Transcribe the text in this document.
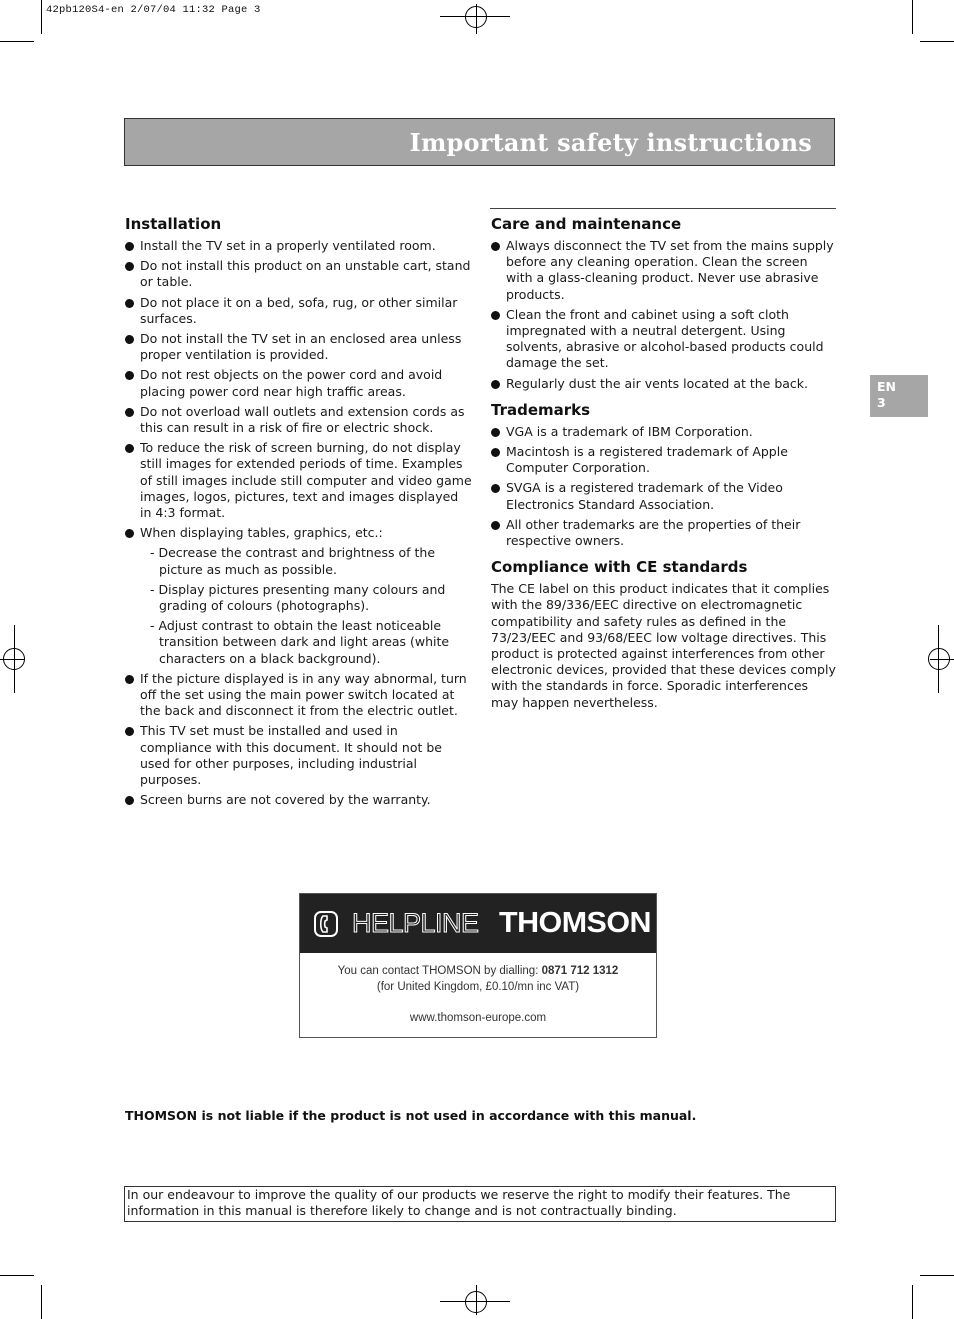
42pb120S4-en 2/07/04 11:32 Page 3
Important safety instructions
EN
3
Installation
Install the TV set in a properly ventilated room.
Do not install this product on an unstable cart, stand or table.
Do not place it on a bed, sofa, rug, or other similar surfaces.
Do not install the TV set in an enclosed area unless proper ventilation is provided.
Do not rest objects on the power cord and avoid placing power cord near high traffic areas.
Do not overload wall outlets and extension cords as this can result in a risk of fire or electric shock.
To reduce the risk of screen burning, do not display still images for extended periods of time. Examples of still images include still computer and video game images, logos, pictures, text and images displayed in 4:3 format.
When displaying tables, graphics, etc.:
- Decrease the contrast and brightness of the picture as much as possible.
- Display pictures presenting many colours and grading of colours (photographs).
- Adjust contrast to obtain the least noticeable transition between dark and light areas (white characters on a black background).
If the picture displayed is in any way abnormal, turn off the set using the main power switch located at the back and disconnect it from the electric outlet.
This TV set must be installed and used in compliance with this document. It should not be used for other purposes, including industrial purposes.
Screen burns are not covered by the warranty.
Care and maintenance
Always disconnect the TV set from the mains supply before any cleaning operation. Clean the screen with a glass-cleaning product. Never use abrasive products.
Clean the front and cabinet using a soft cloth impregnated with a neutral detergent. Using solvents, abrasive or alcohol-based products could damage the set.
Regularly dust the air vents located at the back.
Trademarks
VGA is a trademark of IBM Corporation.
Macintosh is a registered trademark of Apple Computer Corporation.
SVGA is a registered trademark of the Video Electronics Standard Association.
All other trademarks are the properties of their respective owners.
Compliance with CE standards

The CE label on this product indicates that it complies with the 89/336/EEC directive on electromagnetic compatibility and safety rules as defined in the 73/23/EEC and 93/68/EEC low voltage directives. This product is protected against interferences from other electronic devices, provided that these devices comply with the standards in force. Sporadic interferences may happen nevertheless.

HELPLINE THOMSON
You can contact THOMSON by dialling: 0871 712 1312
(for United Kingdom, £0.10/mn inc VAT)
www.thomson-europe.com
THOMSON is not liable if the product is not used in accordance with this manual.
In our endeavour to improve the quality of our products we reserve the right to modify their features. The information in this manual is therefore likely to change and is not contractually binding.
